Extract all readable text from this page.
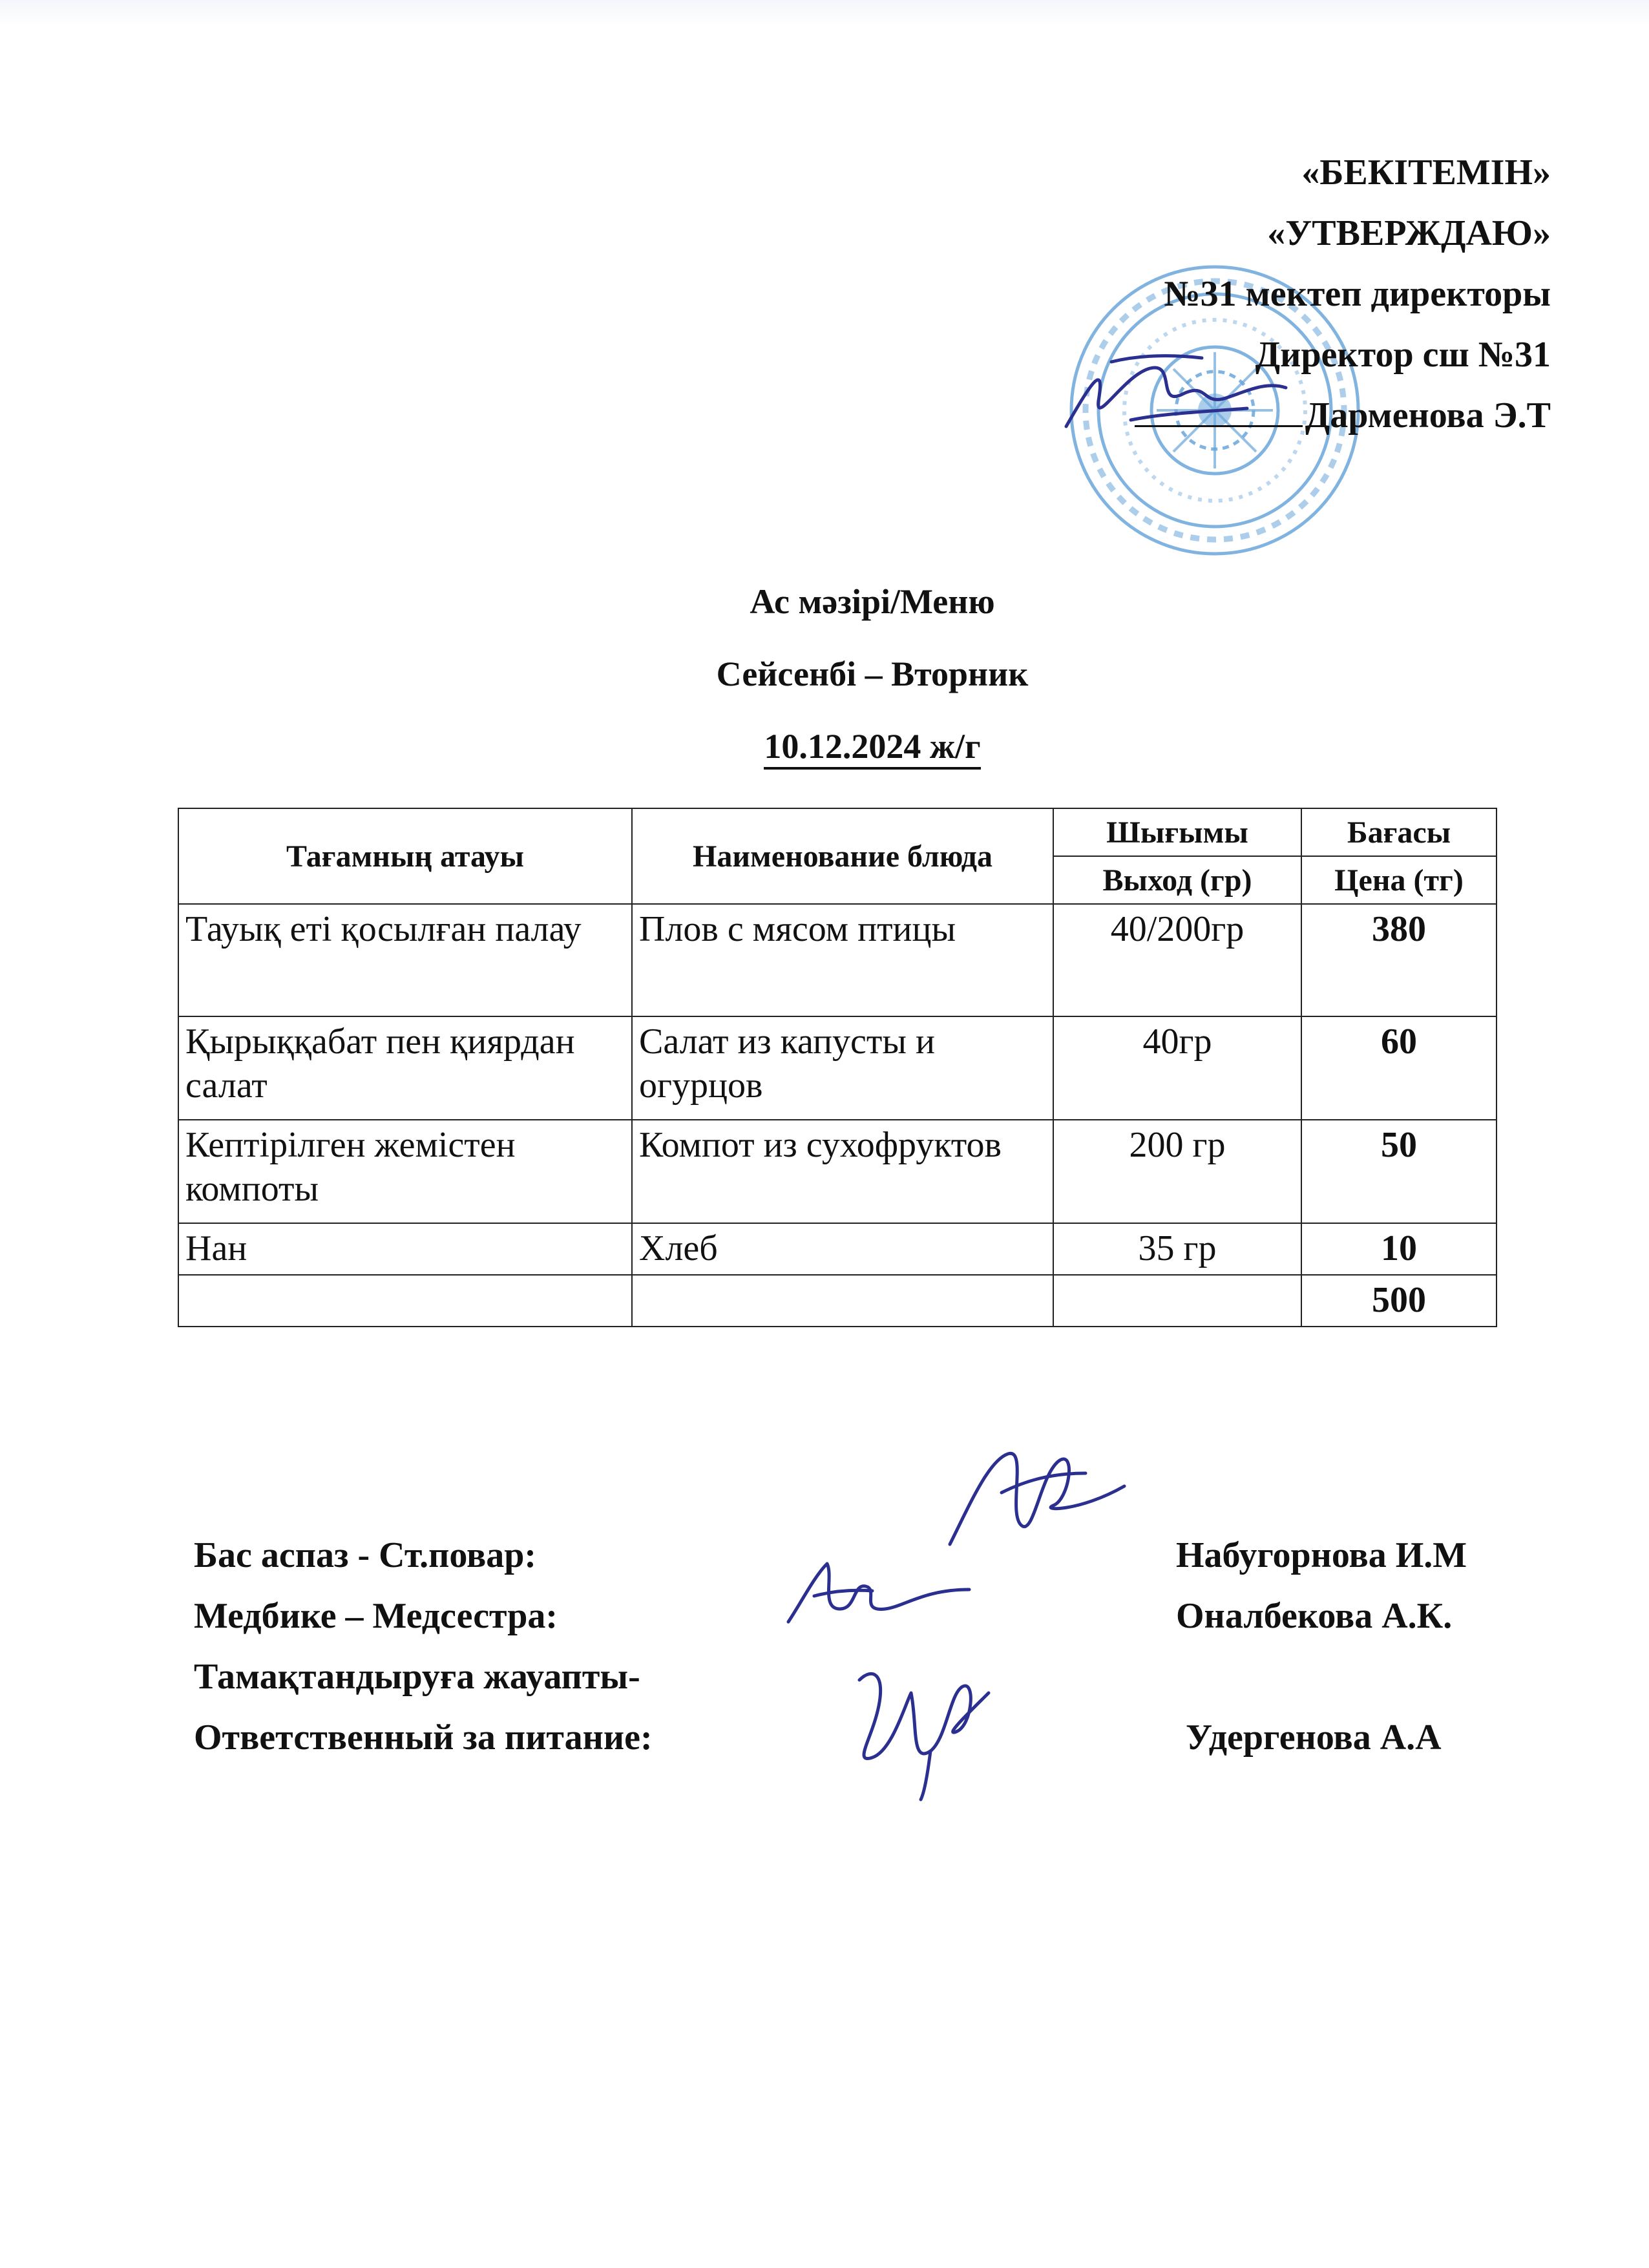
«БЕКІТЕМІН»
«УТВЕРЖДАЮ»
№31 мектеп директоры
Директор сш №31
Дарменова Э.Т
Ас мәзірі/Меню
Сейсенбі – Вторник
10.12.2024 ж/г
Тағамның атауы	Наименование блюда	Шығымы	Бағасы
		Выход (гр)	Цена (тг)
Тауық еті қосылған палау	Плов с мясом птицы	40/200гр	380
Қырыққабат пен қиярдан салат	Салат из капусты и огурцов	40гр	60
Кептірілген жемістен компоты	Компот из сухофруктов	200 гр	50
Нан	Хлеб	35 гр	10
			500
Бас аспаз - Ст.повар:	Набугорнова И.М
Медбике – Медсестра:	Оналбекова А.К.
Тамақтандыруға жауапты-
Ответственный за питание:	Удергенова А.А
